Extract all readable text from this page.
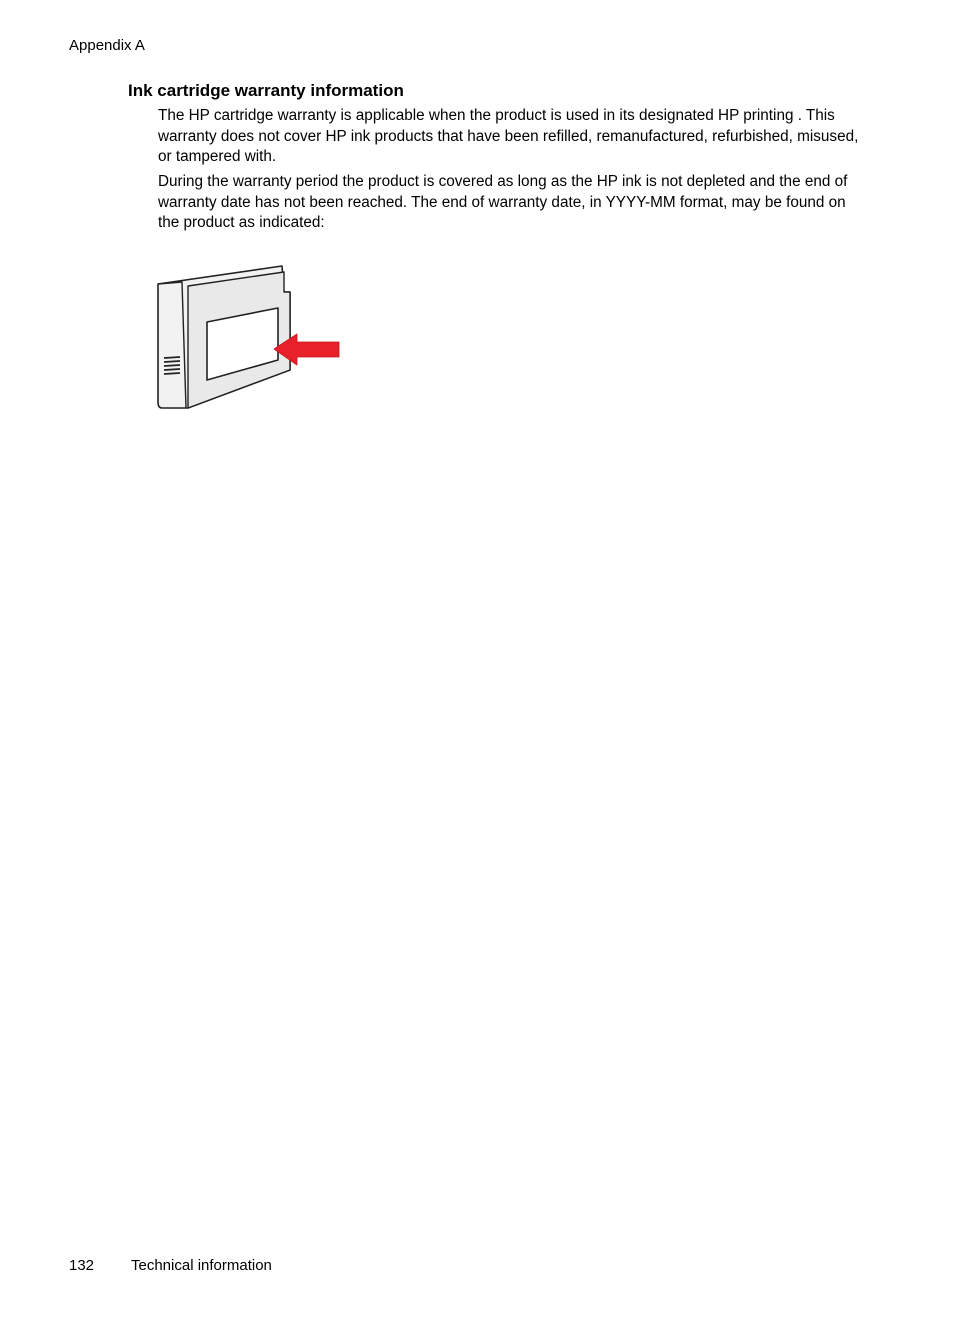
Appendix A
Ink cartridge warranty information

The HP cartridge warranty is applicable when the product is used in its designated HP printing . This warranty does not cover HP ink products that have been refilled, remanufactured, refurbished, misused, or tampered with.

During the warranty period the product is covered as long as the HP ink is not depleted and the end of warranty date has not been reached. The end of warranty date, in YYYY-MM format, may be found on the product as indicated:

132 Technical information
